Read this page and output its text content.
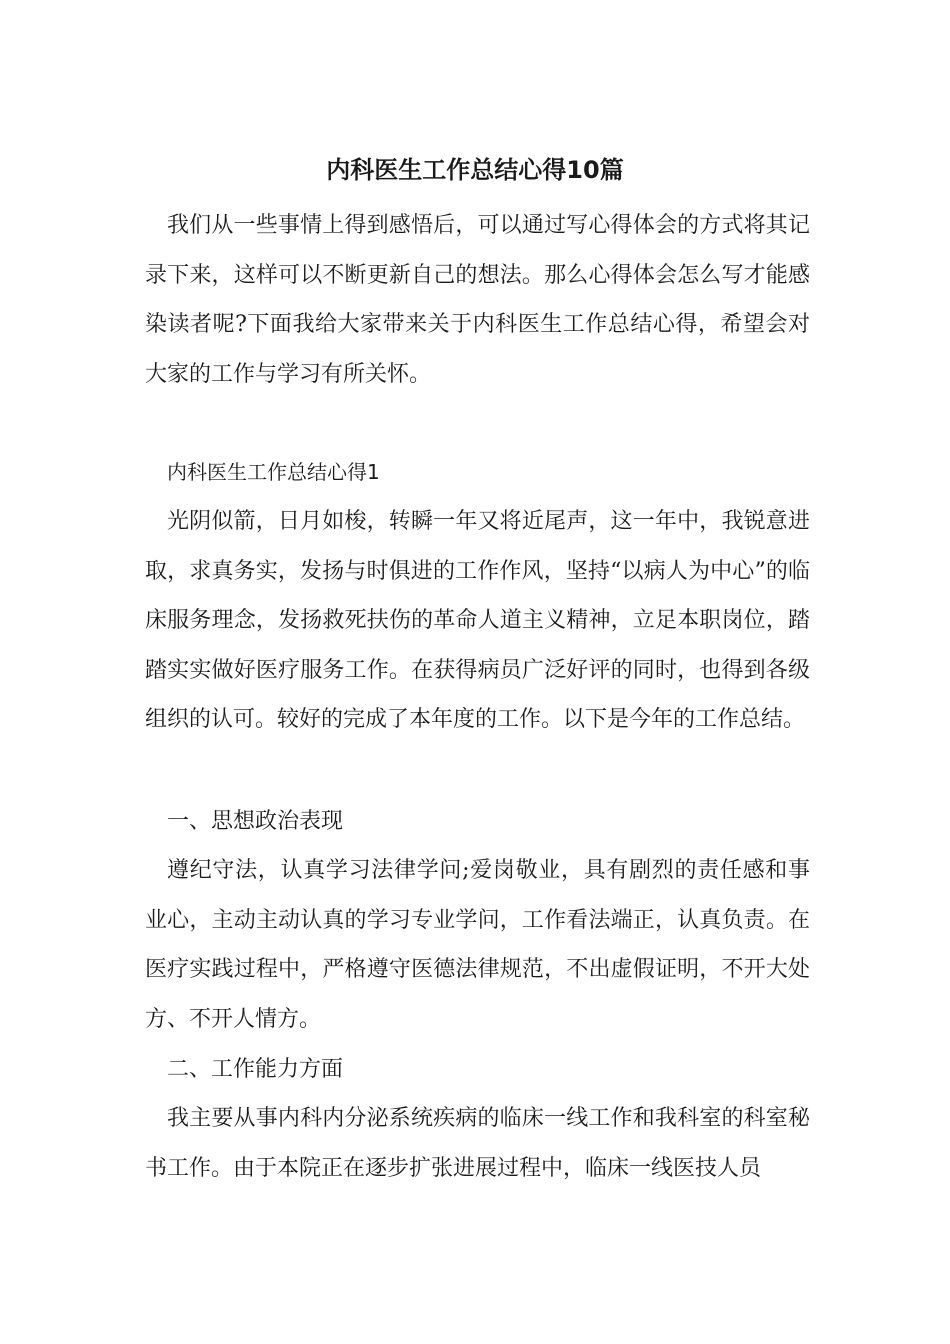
内科医生工作总结心得10篇

我们从一些事情上得到感悟后，可以通过写心得体会的方式将其记录下来，这样可以不断更新自己的想法。那么心得体会怎么写才能感染读者呢?下面我给大家带来关于内科医生工作总结心得，希望会对大家的工作与学习有所关怀。

内科医生工作总结心得1

光阴似箭，日月如梭，转瞬一年又将近尾声，这一年中，我锐意进取，求真务实，发扬与时俱进的工作作风，坚持“以病人为中心”的临床服务理念，发扬救死扶伤的革命人道主义精神，立足本职岗位，踏踏实实做好医疗服务工作。在获得病员广泛好评的同时，也得到各级组织的认可。较好的完成了本年度的工作。以下是今年的工作总结。

一、思想政治表现

遵纪守法，认真学习法律学问;爱岗敬业，具有剧烈的责任感和事业心，主动主动认真的学习专业学问，工作看法端正，认真负责。在医疗实践过程中，严格遵守医德法律规范，不出虚假证明，不开大处方、不开人情方。

二、工作能力方面

我主要从事内科内分泌系统疾病的临床一线工作和我科室的科室秘书工作。由于本院正在逐步扩张进展过程中，临床一线医技人员
